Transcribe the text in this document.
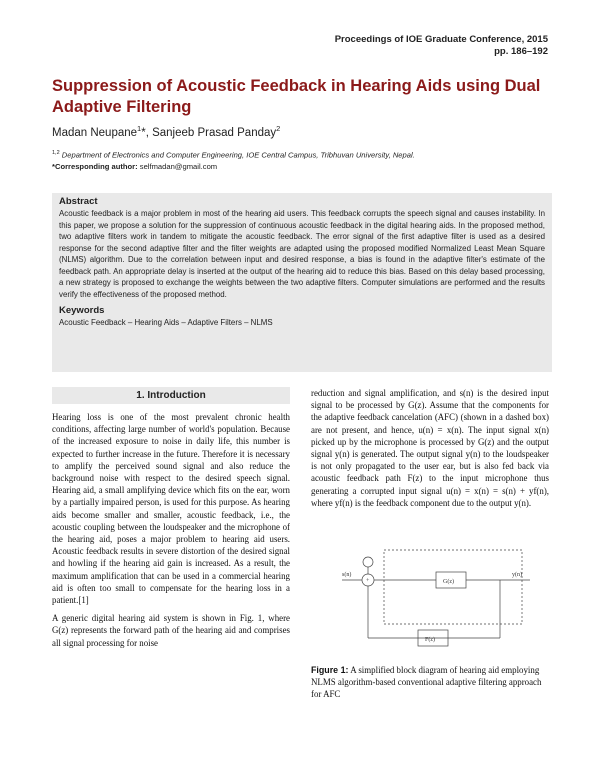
Proceedings of IOE Graduate Conference, 2015
pp. 186–192
Suppression of Acoustic Feedback in Hearing Aids using Dual Adaptive Filtering
Madan Neupane$^1$*, Sanjeeb Prasad Panday$^2$
$^{1,2}$ Department of Electronics and Computer Engineering, IOE Central Campus, Tribhuvan University, Nepal.
*Corresponding author: selfmadan@gmail.com
Abstract

Acoustic feedback is a major problem in most of the hearing aid users. This feedback corrupts the speech signal and causes instability. In this paper, we propose a solution for the suppression of continuous acoustic feedback in the digital hearing aids. In the proposed method, two adaptive filters work in tandem to mitigate the acoustic feedback. The error signal of the first adaptive filter is used as a desired response for the second adaptive filter and the filter weights are adapted using the proposed modified Normalized Least Mean Square (NLMS) algorithm. Due to the correlation between input and desired response, a bias is found in the adaptive filter's estimate of the feedback path. An appropriate delay is inserted at the output of the hearing aid to reduce this bias. Based on this delay based processing, a new strategy is proposed to exchange the weights between the two adaptive filters. Computer simulations are performed and the results verify the effectiveness of the proposed method.

Keywords

Acoustic Feedback – Hearing Aids – Adaptive Filters – NLMS

1. Introduction

Hearing loss is one of the most prevalent chronic health conditions, affecting large number of world's population. Because of the increased exposure to noise in daily life, this number is expected to further increase in the future. Therefore it is necessary to amplify the perceived sound signal and also reduce the background noise with respect to the desired speech signal. Hearing aid, a small amplifying device which fits on the ear, worn by a partially impaired person, is used for this purpose. As hearing aids become smaller and smaller, acoustic feedback, i.e., the acoustic coupling between the loudspeaker and the microphone of the hearing aid, poses a major problem to hearing aid users. Acoustic feedback results in severe distortion of the desired signal and howling if the hearing aid gain is increased. As a result, the maximum amplification that can be used in a commercial hearing aid is often too small to compensate for the hearing loss in a patient.[1]

A generic digital hearing aid system is shown in Fig. 1, where G(z) represents the forward path of the hearing aid and comprises all signal processing for noise

reduction and signal amplification, and s(n) is the desired input signal to be processed by G(z). Assume that the components for the adaptive feedback cancelation (AFC) (shown in a dashed box) are not present, and hence, u(n) = x(n). The input signal x(n) picked up by the microphone is processed by G(z) and the output signal y(n) is generated. The output signal y(n) to the loudspeaker is not only propagated to the user ear, but is also fed back via acoustic feedback path F(z) to the input microphone thus generating a corrupted input signal u(n) = x(n) = s(n) + yf(n), where yf(n) is the feedback component due to the output y(n).

s(n)
+	G(z)
F(z)
y(n)
Figure 1: A simplified block diagram of hearing aid employing NLMS algorithm-based conventional adaptive filtering approach for AFC
